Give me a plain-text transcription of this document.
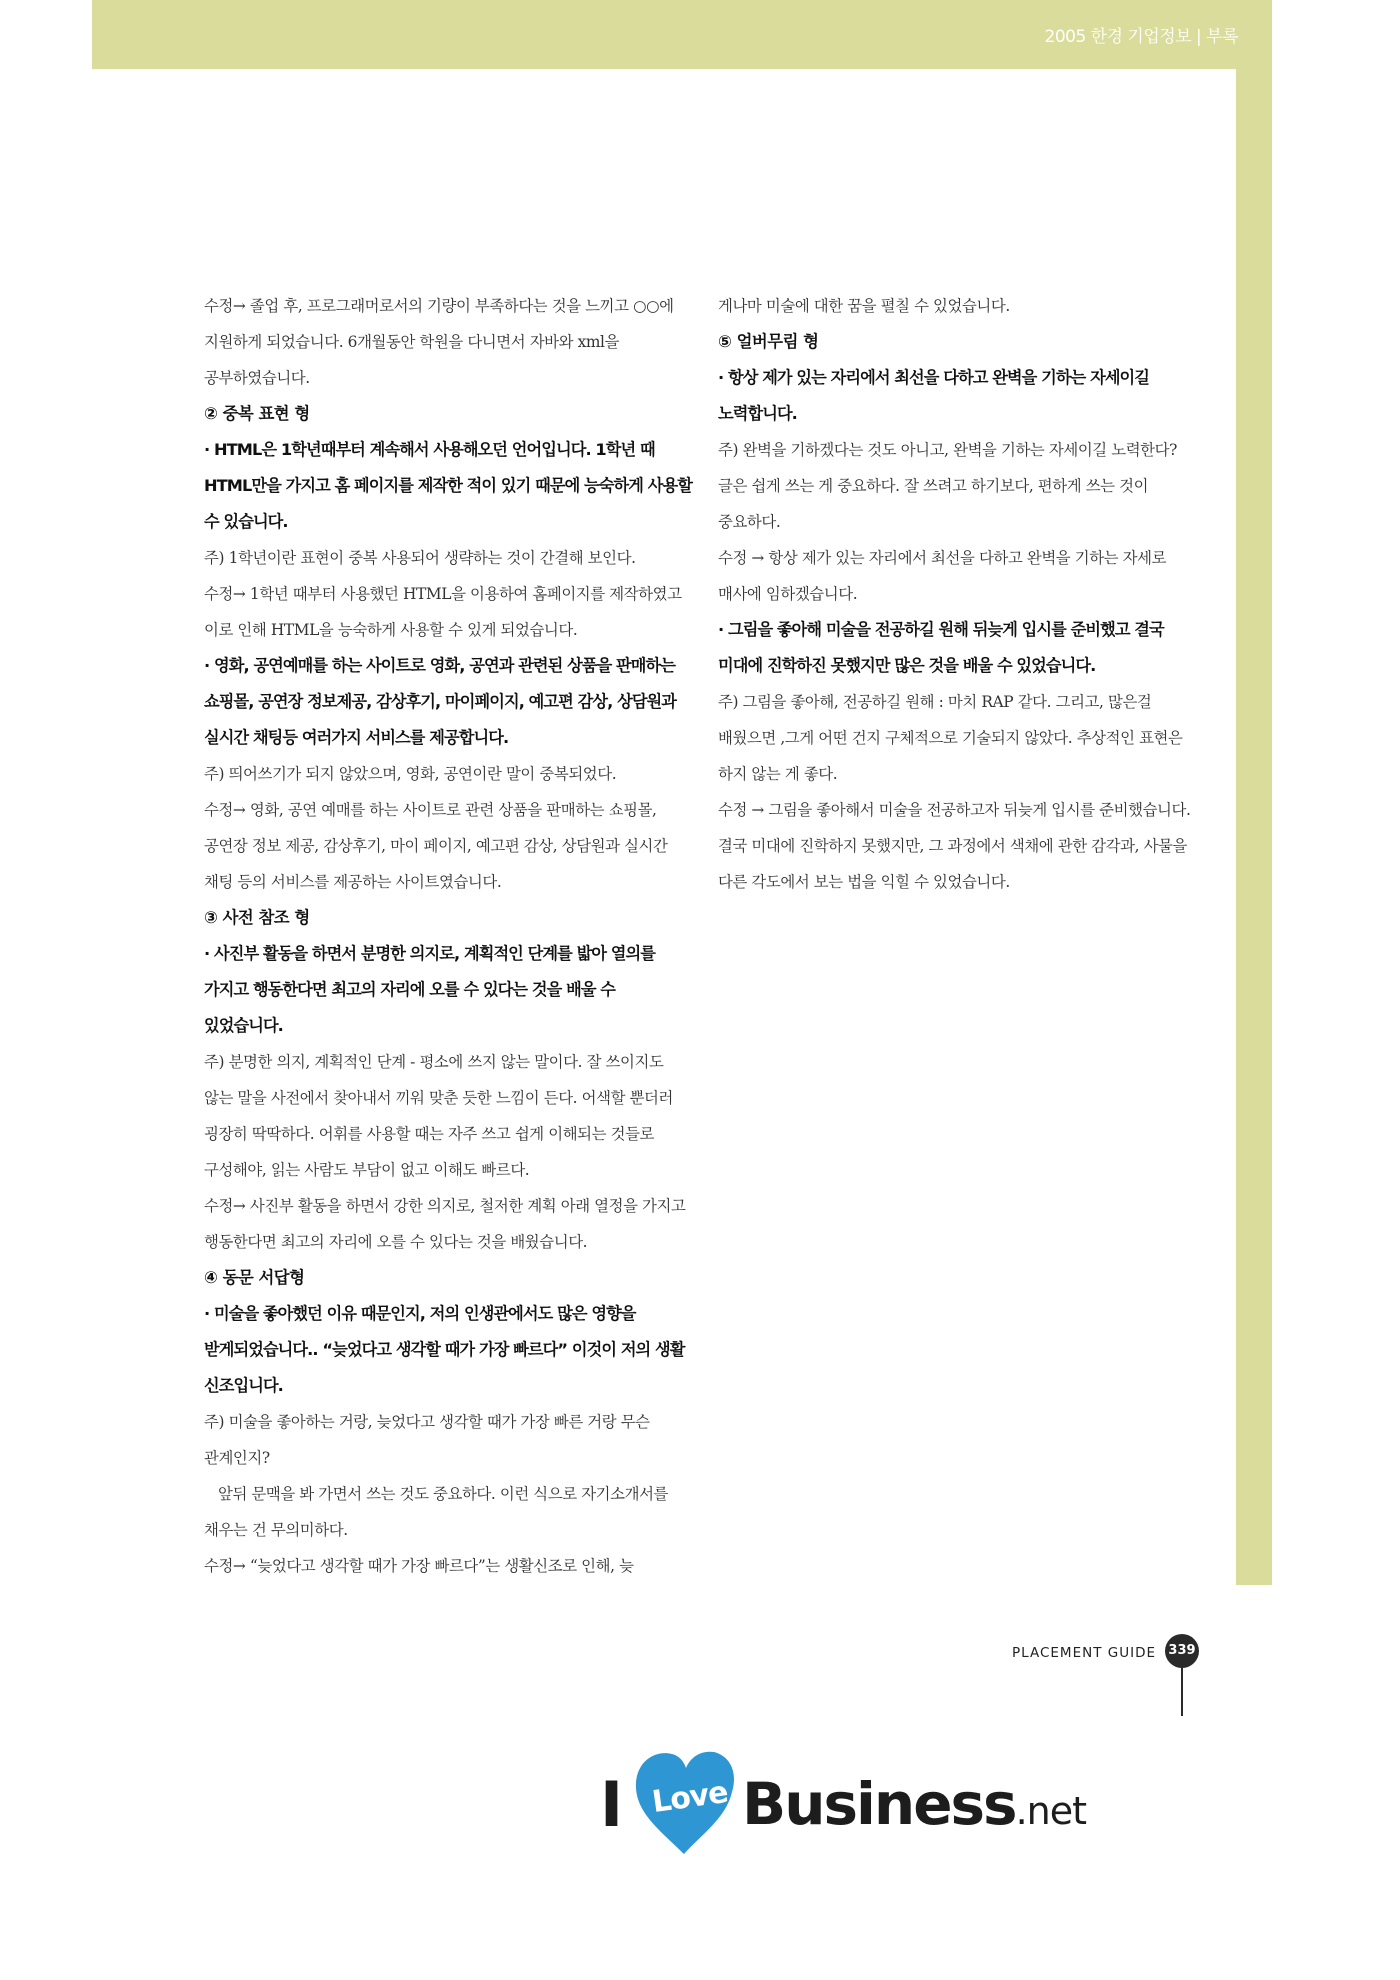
2005 한경 기업정보 | 부록

수정→ 졸업 후, 프로그래머로서의 기량이 부족하다는 것을 느끼고 ○○에 지원하게 되었습니다. 6개월동안 학원을 다니면서 자바와 xml을 공부하였습니다.

② 중복 표현 형

· HTML은 1학년때부터 계속해서 사용해오던 언어입니다. 1학년 때 HTML만을 가지고 홈 페이지를 제작한 적이 있기 때문에 능숙하게 사용할 수 있습니다.

주) 1학년이란 표현이 중복 사용되어 생략하는 것이 간결해 보인다.

수정→ 1학년 때부터 사용했던 HTML을 이용하여 홈페이지를 제작하였고 이로 인해 HTML을 능숙하게 사용할 수 있게 되었습니다.

· 영화, 공연예매를 하는 사이트로 영화, 공연과 관련된 상품을 판매하는 쇼핑몰, 공연장 정보제공, 감상후기, 마이페이지, 예고편 감상, 상담원과 실시간 채팅등 여러가지 서비스를 제공합니다.

주) 띄어쓰기가 되지 않았으며, 영화, 공연이란 말이 중복되었다.

수정→ 영화, 공연 예매를 하는 사이트로 관련 상품을 판매하는 쇼핑몰, 공연장 정보 제공, 감상후기, 마이 페이지, 예고편 감상, 상담원과 실시간 채팅 등의 서비스를 제공하는 사이트였습니다.

③ 사전 참조 형

· 사진부 활동을 하면서 분명한 의지로, 계획적인 단계를 밟아 열의를 가지고 행동한다면 최고의 자리에 오를 수 있다는 것을 배울 수 있었습니다.

주) 분명한 의지, 계획적인 단계 - 평소에 쓰지 않는 말이다. 잘 쓰이지도 않는 말을 사전에서 찾아내서 끼워 맞춘 듯한 느낌이 든다. 어색할 뿐더러 굉장히 딱딱하다. 어휘를 사용할 때는 자주 쓰고 쉽게 이해되는 것들로 구성해야, 읽는 사람도 부담이 없고 이해도 빠르다.

수정→ 사진부 활동을 하면서 강한 의지로, 철저한 계획 아래 열정을 가지고 행동한다면 최고의 자리에 오를 수 있다는 것을 배웠습니다.

④ 동문 서답형

· 미술을 좋아했던 이유 때문인지, 저의 인생관에서도 많은 영향을 받게되었습니다.. “늦었다고 생각할 때가 가장 빠르다” 이것이 저의 생활 신조입니다.

주) 미술을 좋아하는 거랑, 늦었다고 생각할 때가 가장 빠른 거랑 무슨 관계인지?

앞뒤 문맥을 봐 가면서 쓰는 것도 중요하다. 이런 식으로 자기소개서를 채우는 건 무의미하다.

수정→ “늦었다고 생각할 때가 가장 빠르다”는 생활신조로 인해, 늦

게나마 미술에 대한 꿈을 펼칠 수 있었습니다.

⑤ 얼버무림 형

· 항상 제가 있는 자리에서 최선을 다하고 완벽을 기하는 자세이길 노력합니다.

주) 완벽을 기하겠다는 것도 아니고, 완벽을 기하는 자세이길 노력한다? 글은 쉽게 쓰는 게 중요하다. 잘 쓰려고 하기보다, 편하게 쓰는 것이 중요하다.

수정 → 항상 제가 있는 자리에서 최선을 다하고 완벽을 기하는 자세로 매사에 임하겠습니다.

· 그림을 좋아해 미술을 전공하길 원해 뒤늦게 입시를 준비했고 결국 미대에 진학하진 못했지만 많은 것을 배울 수 있었습니다.

주) 그림을 좋아해, 전공하길 원해 : 마치 RAP 같다. 그리고, 많은걸 배웠으면 ,그게 어떤 건지 구체적으로 기술되지 않았다. 추상적인 표현은 하지 않는 게 좋다.

수정 → 그림을 좋아해서 미술을 전공하고자 뒤늦게 입시를 준비했습니다. 결국 미대에 진학하지 못했지만, 그 과정에서 색채에 관한 감각과, 사물을 다른 각도에서 보는 법을 익힐 수 있었습니다.

PLACEMENT GUIDE 339
I Love Business.net
